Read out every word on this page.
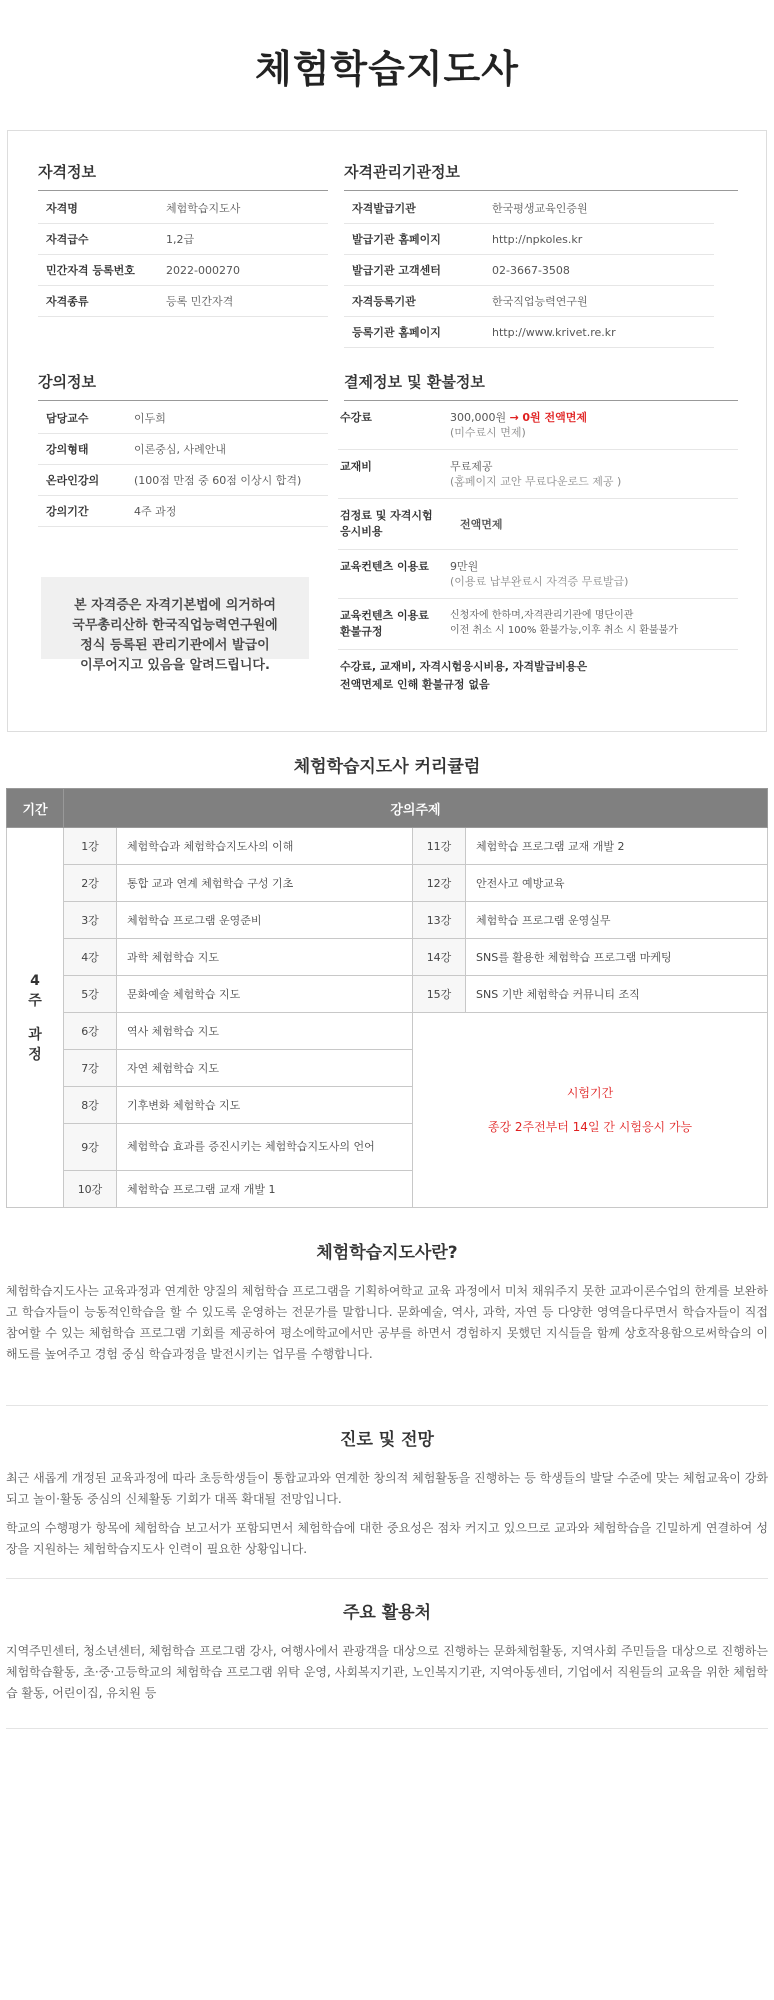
체험학습지도사
자격정보
자격명	체험학습지도사
자격급수	1,2급
민간자격 등록번호	2022-000270
자격종류	등록 민간자격
자격관리기관정보
자격발급기관	한국평생교육인증원
발급기관 홈페이지	http://npkoles.kr
발급기관 고객센터	02-3667-3508
자격등록기관	한국직업능력연구원
등록기관 홈페이지	http://www.krivet.re.kr
강의정보
담당교수	이두희
강의형태	이론중심, 사례안내
온라인강의	(100점 만점 중 60점 이상시 합격)
강의기간	4주 과정
본 자격증은 자격기본법에 의거하여
국무총리산하 한국직업능력연구원에
정식 등록된 관리기관에서 발급이
이루어지고 있음을 알려드립니다.
결제정보 및 환불정보
수강료	300,000원 → 0원 전액면제
(미수료시 면제)
교재비	무료제공
(홈페이지 교안 무료다운로드 제공 )
검정료 및 자격시험
응시비용
전액면제
교육컨텐츠 이용료	9만원
(이용료 납부완료시 자격증 무료발급)
교육컨텐츠 이용료
환불규정
신청자에 한하며,자격관리기관에 명단이관
이전 취소 시 100% 환불가능,이후 취소 시 환불불가
수강료, 교재비, 자격시험응시비용, 자격발급비용은
전액면제로 인해 환불규정 없음
체험학습지도사 커리큘럼
기간	강의주제			

4
주
과
정	1강	체험학습과 체험학습지도사의 이해	11강	체험학습 프로그램 교재 개발 2
	2강	통합 교과 연계 체험학습 구성 기초	12강	안전사고 예방교육
	3강	체험학습 프로그램 운영준비	13강	체험학습 프로그램 운영실무
	4강	과학 체험학습 지도	14강	SNS를 활용한 체험학습 프로그램 마케팅
	5강	문화예술 체험학습 지도	15강	SNS 기반 체험학습 커뮤니티 조직
	6강	역사 체험학습 지도	시험기간
종강 2주전부터 14일 간 시험응시 가능	

	7강	자연 체험학습 지도		
	8강	기후변화 체험학습 지도		
	9강	체험학습 효과를 증진시키는 체험학습지도사의 언어		
	10강	체험학습 프로그램 교재 개발 1		
체험학습지도사란?

체험학습지도사는 교육과정과 연계한 양질의 체험학습 프로그램을 기획하여학교 교육 과정에서 미처 채워주지 못한 교과이론수업의 한계를 보완하고 학습자들이 능동적인학습을 할 수 있도록 운영하는 전문가를 말합니다. 문화예술, 역사, 과학, 자연 등 다양한 영역을다루면서 학습자들이 직접 참여할 수 있는 체험학습 프로그램 기회를 제공하여 평소에학교에서만 공부를 하면서 경험하지 못했던 지식들을 함께 상호작용함으로써학습의 이해도를 높여주고 경험 중심 학습과정을 발전시키는 업무를 수행합니다.

진로 및 전망

최근 새롭게 개정된 교육과정에 따라 초등학생들이 통합교과와 연계한 창의적 체험활동을 진행하는 등 학생들의 발달 수준에 맞는 체험교육이 강화되고 놀이·활동 중심의 신체활동 기회가 대폭 확대될 전망입니다.

학교의 수행평가 항목에 체험학습 보고서가 포함되면서 체험학습에 대한 중요성은 점차 커지고 있으므로 교과와 체험학습을 긴밀하게 연결하여 성장을 지원하는 체험학습지도사 인력이 필요한 상황입니다.

주요 활용처

지역주민센터, 청소년센터, 체험학습 프로그램 강사, 여행사에서 관광객을 대상으로 진행하는 문화체험활동, 지역사회 주민들을 대상으로 진행하는 체험학습활동, 초·중·고등학교의 체험학습 프로그램 위탁 운영, 사회복지기관, 노인복지기관, 지역아동센터, 기업에서 직원들의 교육을 위한 체험학습 활동, 어린이집, 유치원 등
